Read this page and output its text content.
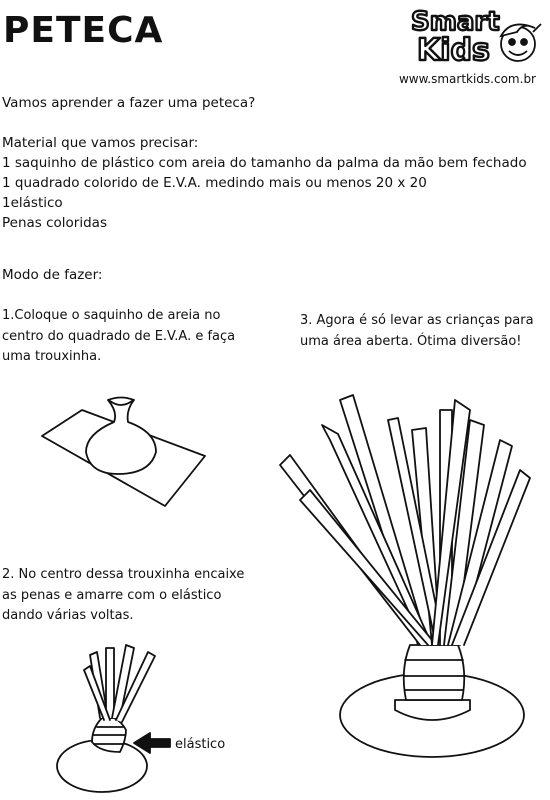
PETECA	Smart
Kids
www.smartkids.com.br
Vamos aprender a fazer uma peteca?
Material que vamos precisar:
1 saquinho de plástico com areia do tamanho da palma da mão bem fechado
1 quadrado colorido de E.V.A. medindo mais ou menos 20 x 20
1elástico
Penas coloridas
Modo de fazer:
1.Coloque o saquinho de areia no
centro do quadrado de E.V.A. e faça
uma trouxinha.
3. Agora é só levar as crianças para
uma área aberta. Ótima diversão!
2. No centro dessa trouxinha encaixe
as penas e amarre com o elástico
dando várias voltas.
elástico
